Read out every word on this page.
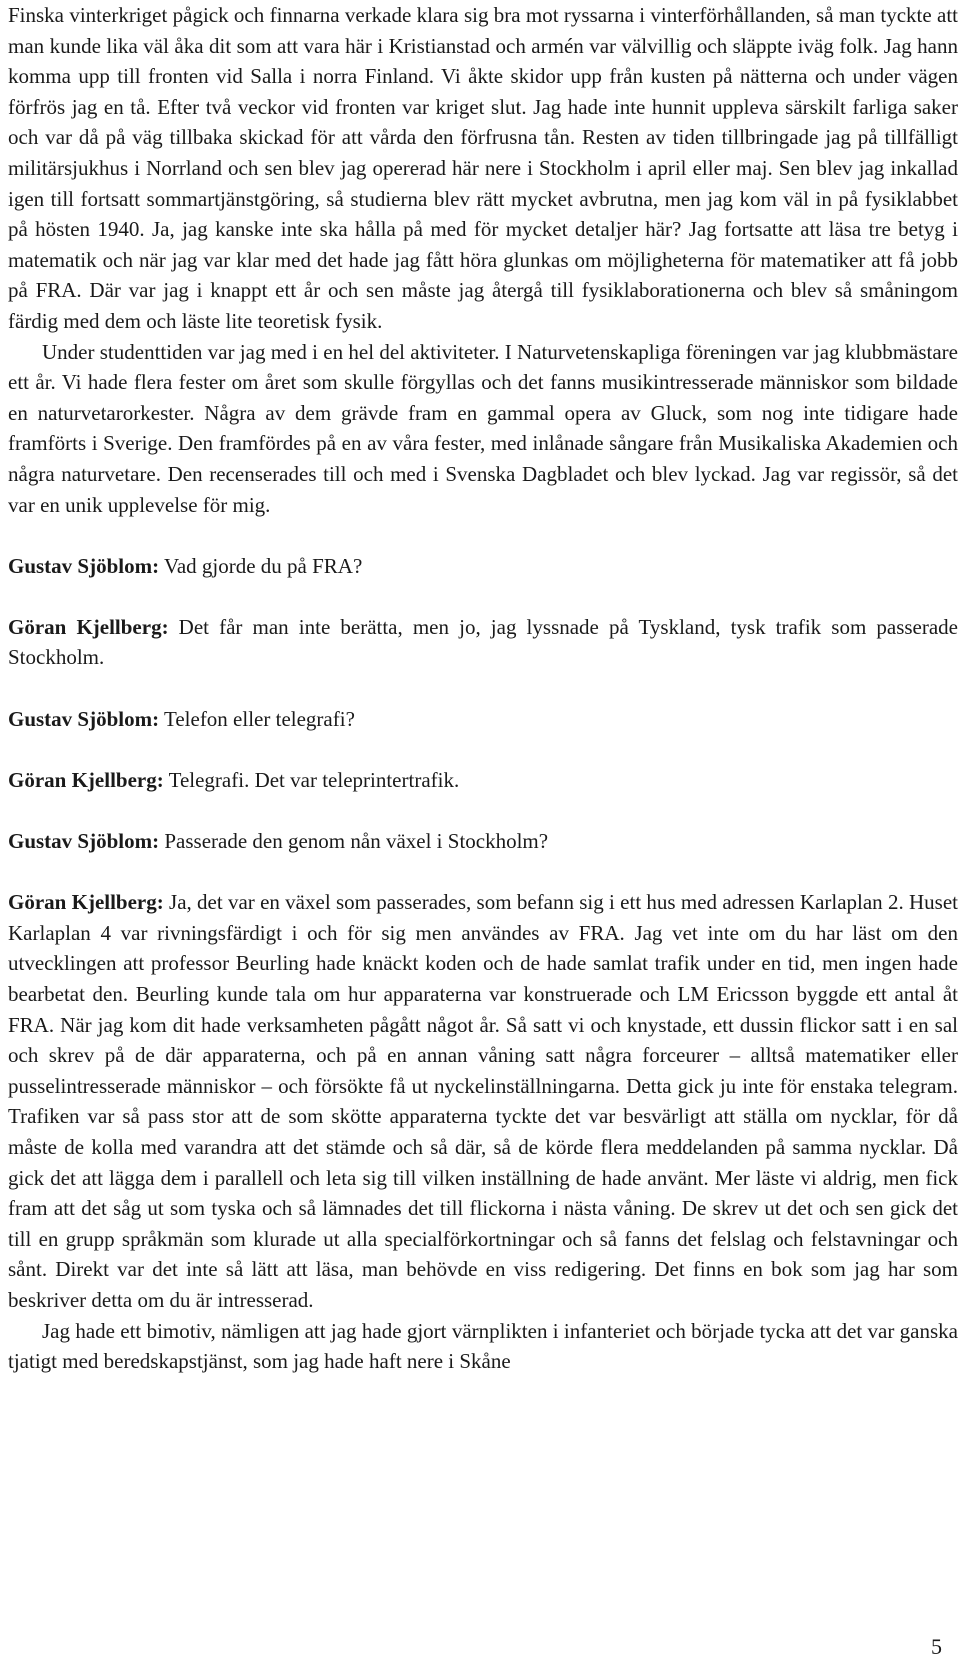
Finska vinterkriget pågick och finnarna verkade klara sig bra mot ryssarna i vinterförhållanden, så man tyckte att man kunde lika väl åka dit som att vara här i Kristianstad och armén var välvillig och släppte iväg folk. Jag hann komma upp till fronten vid Salla i norra Finland. Vi åkte skidor upp från kusten på nätterna och under vägen förfrös jag en tå. Efter två veckor vid fronten var kriget slut. Jag hade inte hunnit uppleva särskilt farliga saker och var då på väg tillbaka skickad för att vårda den förfrusna tån. Resten av tiden tillbringade jag på tillfälligt militärsjukhus i Norrland och sen blev jag opererad här nere i Stockholm i april eller maj. Sen blev jag inkallad igen till fortsatt sommartjänstgöring, så studierna blev rätt mycket avbrutna, men jag kom väl in på fysiklabbet på hösten 1940. Ja, jag kanske inte ska hålla på med för mycket detaljer här? Jag fortsatte att läsa tre betyg i matematik och när jag var klar med det hade jag fått höra glunkas om möjligheterna för matematiker att få jobb på FRA. Där var jag i knappt ett år och sen måste jag återgå till fysiklaborationerna och blev så småningom färdig med dem och läste lite teoretisk fysik.

Under studenttiden var jag med i en hel del aktiviteter. I Naturvetenskapliga föreningen var jag klubbmästare ett år. Vi hade flera fester om året som skulle förgyllas och det fanns musikintresserade människor som bildade en naturvetarorkester. Några av dem grävde fram en gammal opera av Gluck, som nog inte tidigare hade framförts i Sverige. Den framfördes på en av våra fester, med inlånade sångare från Musikaliska Akademien och några naturvetare. Den recenserades till och med i Svenska Dagbladet och blev lyckad. Jag var regissör, så det var en unik upplevelse för mig.

Gustav Sjöblom: Vad gjorde du på FRA?

Göran Kjellberg: Det får man inte berätta, men jo, jag lyssnade på Tyskland, tysk trafik som passerade Stockholm.

Gustav Sjöblom: Telefon eller telegrafi?

Göran Kjellberg: Telegrafi. Det var teleprintertrafik.

Gustav Sjöblom: Passerade den genom nån växel i Stockholm?

Göran Kjellberg: Ja, det var en växel som passerades, som befann sig i ett hus med adressen Karlaplan 2. Huset Karlaplan 4 var rivningsfärdigt i och för sig men användes av FRA. Jag vet inte om du har läst om den utvecklingen att professor Beurling hade knäckt koden och de hade samlat trafik under en tid, men ingen hade bearbetat den. Beurling kunde tala om hur apparaterna var konstruerade och LM Ericsson byggde ett antal åt FRA. När jag kom dit hade verksamheten pågått något år. Så satt vi och knystade, ett dussin flickor satt i en sal och skrev på de där apparaterna, och på en annan våning satt några forceurer – alltså matematiker eller pusselintresserade människor – och försökte få ut nyckelinställningarna. Detta gick ju inte för enstaka telegram. Trafiken var så pass stor att de som skötte apparaterna tyckte det var besvärligt att ställa om nycklar, för då måste de kolla med varandra att det stämde och så där, så de körde flera meddelanden på samma nycklar. Då gick det att lägga dem i parallell och leta sig till vilken inställning de hade använt. Mer läste vi aldrig, men fick fram att det såg ut som tyska och så lämnades det till flickorna i nästa våning. De skrev ut det och sen gick det till en grupp språkmän som klurade ut alla specialförkortningar och så fanns det felslag och felstavningar och sånt. Direkt var det inte så lätt att läsa, man behövde en viss redigering. Det finns en bok som jag har som beskriver detta om du är intresserad.

Jag hade ett bimotiv, nämligen att jag hade gjort värnplikten i infanteriet och började tycka att det var ganska tjatigt med beredskapstjänst, som jag hade haft nere i Skåne

5
